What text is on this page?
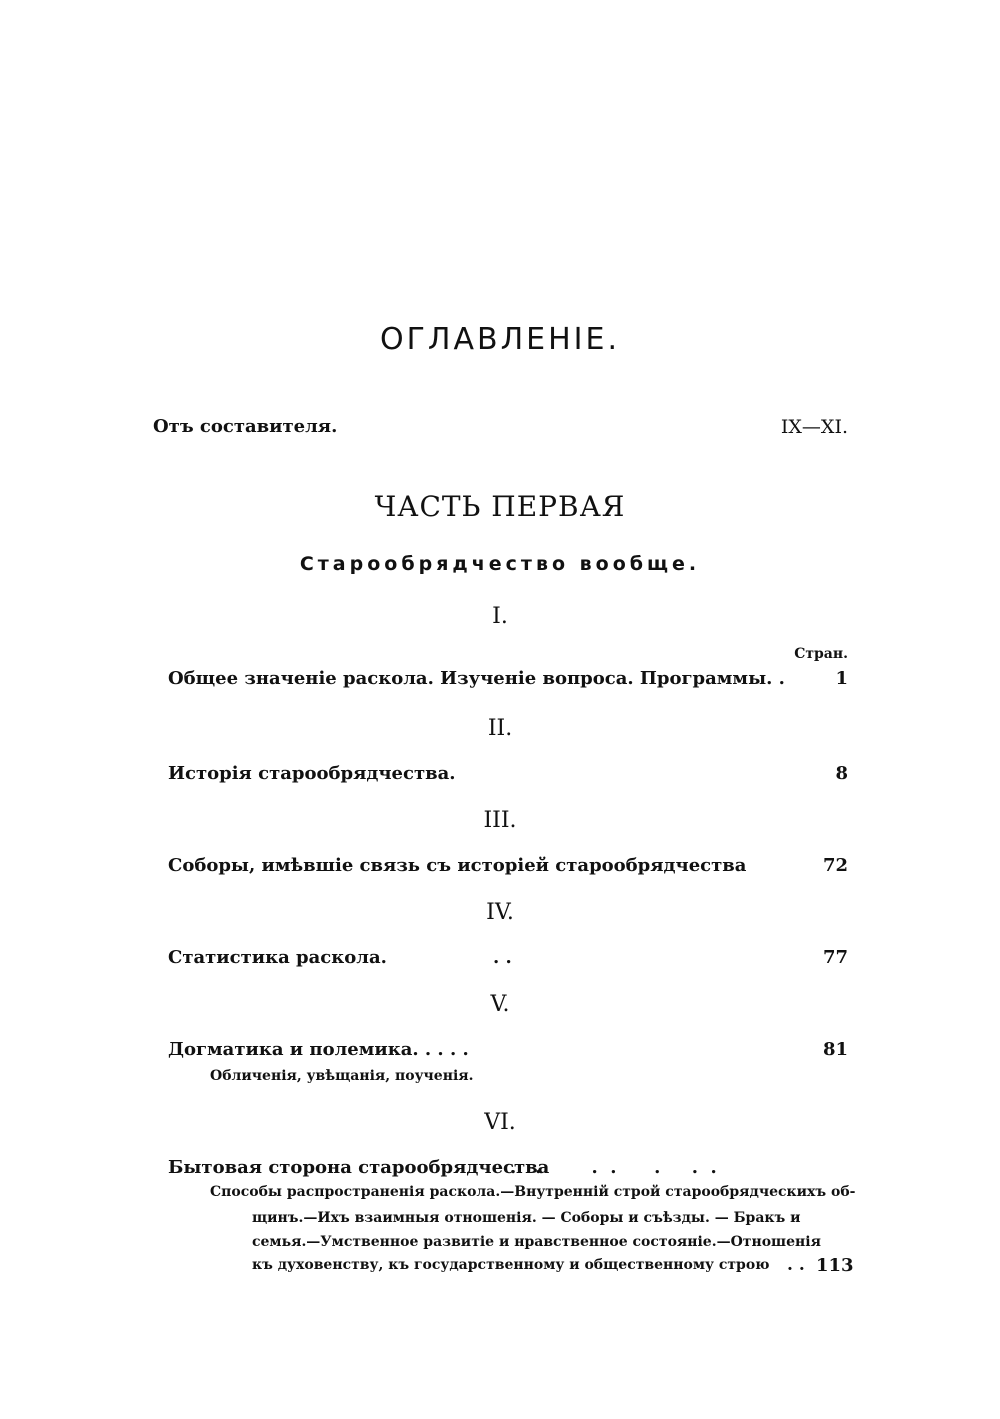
ОГЛАВЛЕНIЕ.
Отъ составителя.	IX—XI.
ЧАСТЬ ПЕРВАЯ
Старообрядчество вообще.
I.
Стран.
Общее значенiе раскола. Изученiе вопроса. Программы. .	1
II.
Исторiя старообрядчества.	8
III.
Соборы, имѣвшiе связь съ исторiей старообрядчества	72
IV.
Статистика раскола.	. .	77
V.
Догматика и полемика. . . . .	81
Обличенiя, увѣщанiя, поученiя.
VI.
Бытовая сторона старообрядчества
.   .        .  .      .     .  .
Способы распространенiя раскола.—Внутреннiй строй старообрядческихъ об-
щинъ.—Ихъ взаимныя отношенiя. — Соборы и съѣзды. — Бракъ и
семья.—Умственное развитiе и нравственное состоянiе.—Отношенiя
къ духовенству, къ государственному и общественному строю . . 113
